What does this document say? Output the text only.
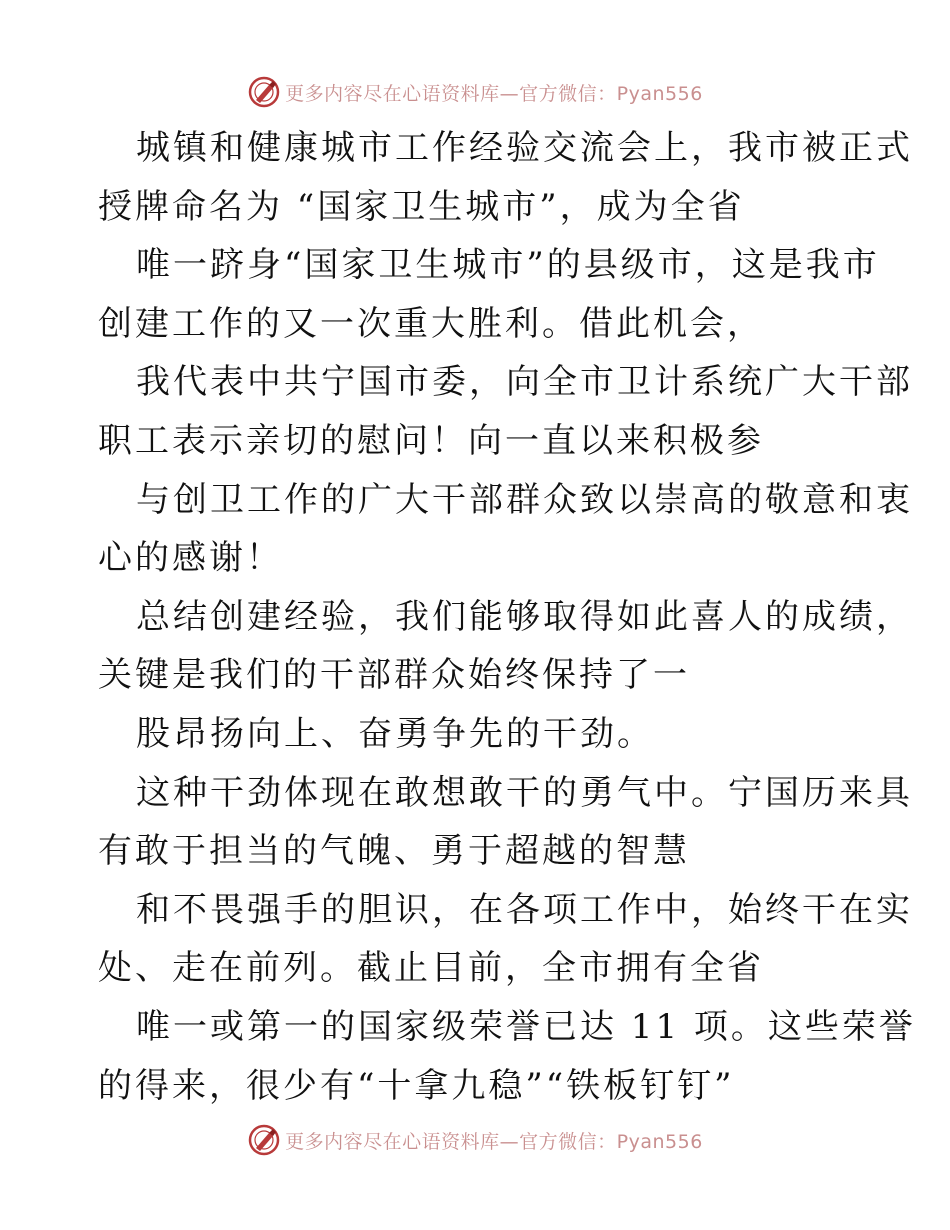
更多内容尽在心语资料库—官方微信：Pyan556
城镇和健康城市工作经验交流会上，我市被正式
授牌命名为 “国家卫生城市”，成为全省
唯一跻身“国家卫生城市”的县级市，这是我市
创建工作的又一次重大胜利。借此机会，
我代表中共宁国市委，向全市卫计系统广大干部
职工表示亲切的慰问！向一直以来积极参
与创卫工作的广大干部群众致以崇高的敬意和衷
心的感谢！
总结创建经验，我们能够取得如此喜人的成绩，
关键是我们的干部群众始终保持了一
股昂扬向上、奋勇争先的干劲。
这种干劲体现在敢想敢干的勇气中。宁国历来具
有敢于担当的气魄、勇于超越的智慧
和不畏强手的胆识，在各项工作中，始终干在实
处、走在前列。截止目前，全市拥有全省
唯一或第一的国家级荣誉已达 11 项。这些荣誉
的得来，很少有“十拿九稳”“铁板钉钉”
更多内容尽在心语资料库—官方微信：Pyan556
